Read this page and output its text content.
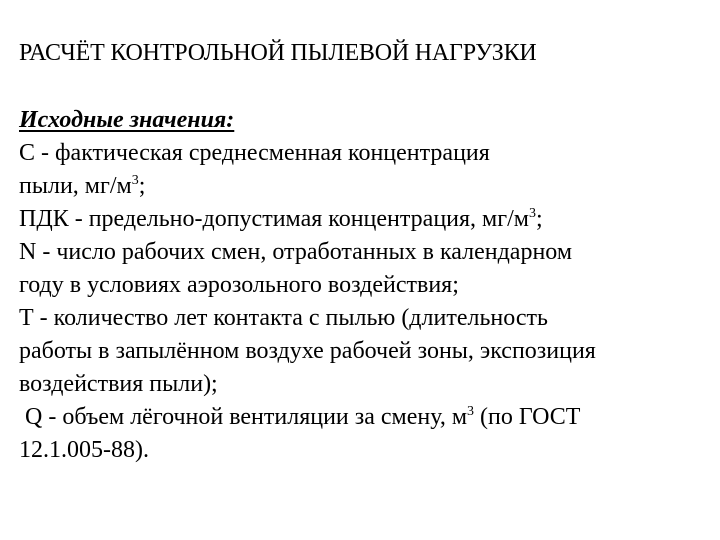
РАСЧЁТ КОНТРОЛЬНОЙ ПЫЛЕВОЙ НАГРУЗКИ
Исходные значения:
С - фактическая среднесменная концентрация
пыли, $мг/м^3$;
ПДК - предельно-допустимая концентрация, $мг/м^3$;
N - число рабочих смен, отработанных в календарном
году в условиях аэрозольного воздействия;
Т - количество лет контакта с пылью (длительность
работы в запылённом воздухе рабочей зоны, экспозиция
воздействия пыли);
Q - объем лёгочной вентиляции за смену, $м^3$ (по ГОСТ
12.1.005-88).
